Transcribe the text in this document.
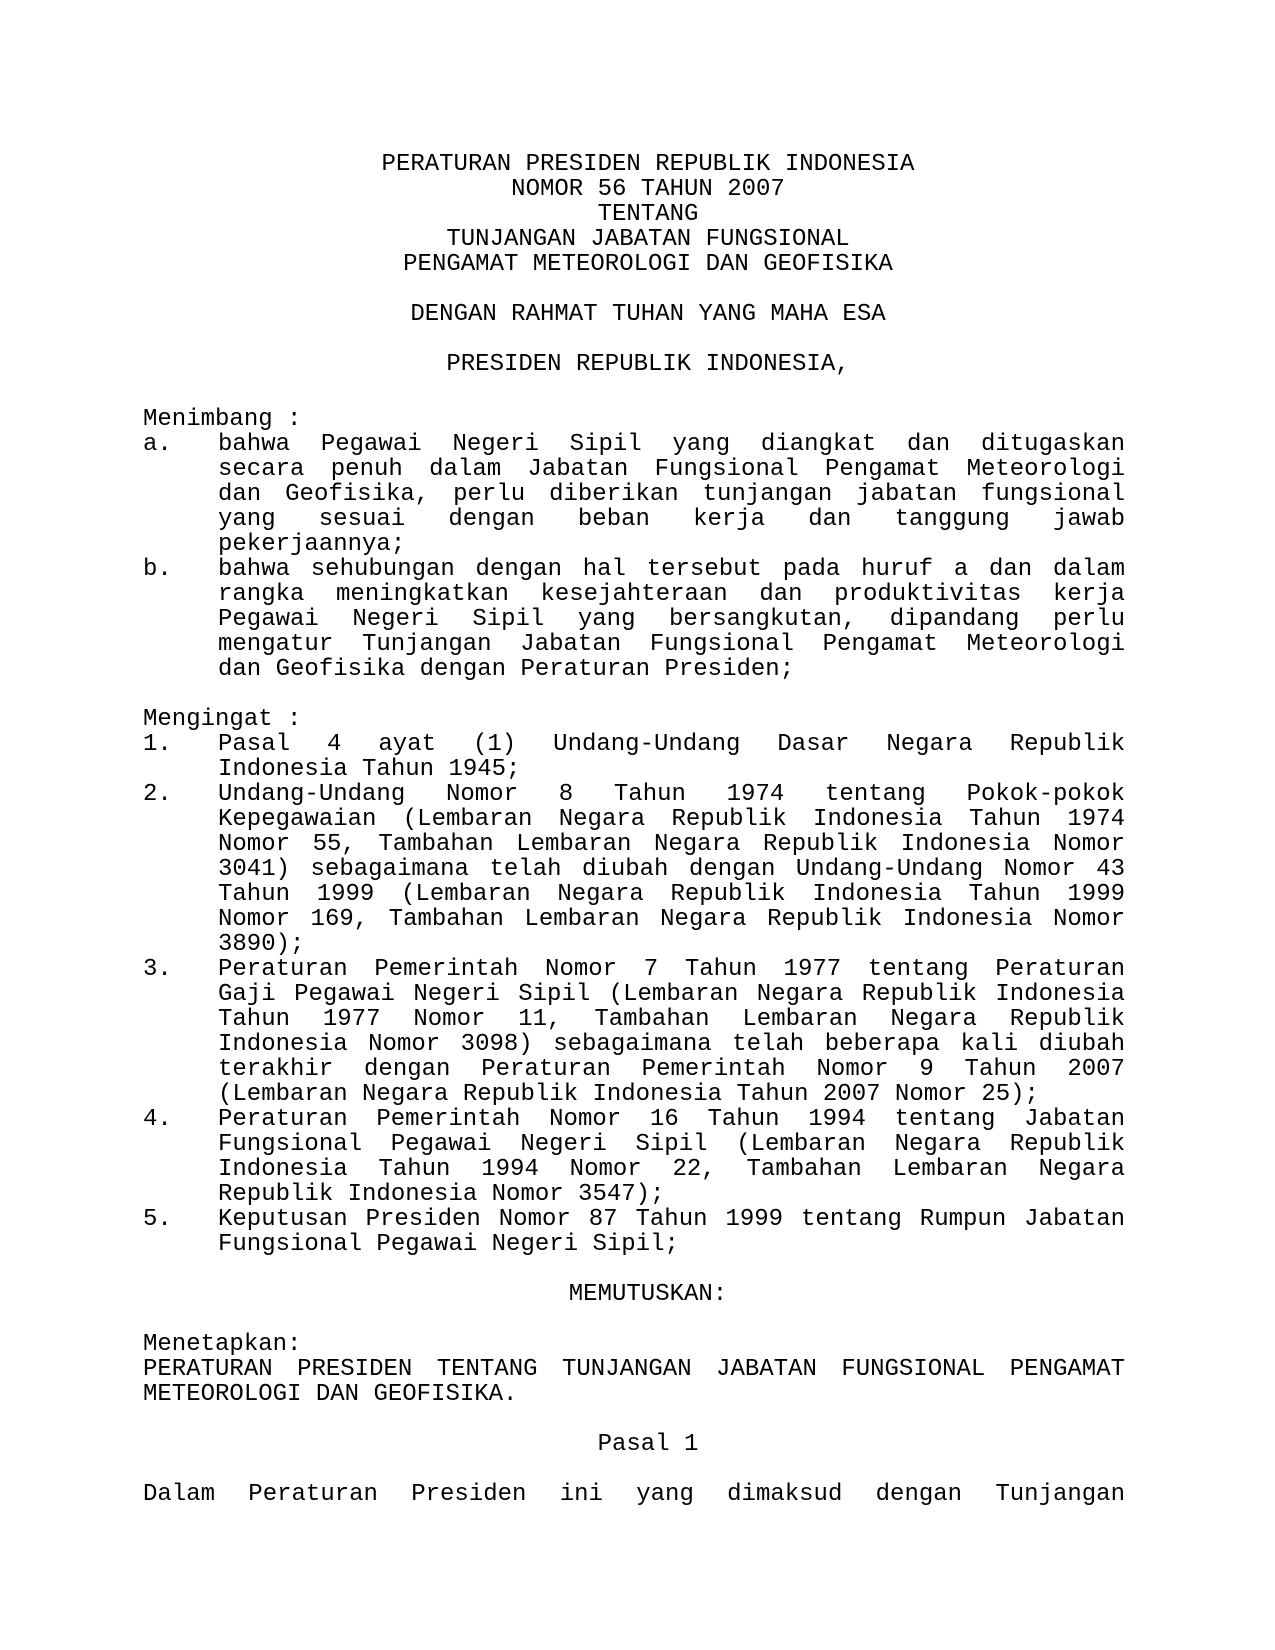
PERATURAN PRESIDEN REPUBLIK INDONESIA
NOMOR 56 TAHUN 2007
TENTANG
TUNJANGAN JABATAN FUNGSIONAL
PENGAMAT METEOROLOGI DAN GEOFISIKA
DENGAN RAHMAT TUHAN YANG MAHA ESA
PRESIDEN REPUBLIK INDONESIA,
Menimbang :
a.	bahwa Pegawai Negeri Sipil yang diangkat dan ditugaskan
secara penuh dalam Jabatan Fungsional Pengamat Meteorologi
dan Geofisika, perlu diberikan tunjangan jabatan fungsional
yang sesuai dengan beban kerja dan tanggung jawab
pekerjaannya;
b.	bahwa sehubungan dengan hal tersebut pada huruf a dan dalam
rangka meningkatkan kesejahteraan dan produktivitas kerja
Pegawai Negeri Sipil yang bersangkutan, dipandang perlu
mengatur Tunjangan Jabatan Fungsional Pengamat Meteorologi
dan Geofisika dengan Peraturan Presiden;
Mengingat :
1.	Pasal 4 ayat (1) Undang-Undang Dasar Negara Republik
Indonesia Tahun 1945;
2.	Undang-Undang Nomor 8 Tahun 1974 tentang Pokok-pokok
Kepegawaian (Lembaran Negara Republik Indonesia Tahun 1974
Nomor 55, Tambahan Lembaran Negara Republik Indonesia Nomor
3041) sebagaimana telah diubah dengan Undang-Undang Nomor 43
Tahun 1999 (Lembaran Negara Republik Indonesia Tahun 1999
Nomor 169, Tambahan Lembaran Negara Republik Indonesia Nomor
3890);
3.	Peraturan Pemerintah Nomor 7 Tahun 1977 tentang Peraturan
Gaji Pegawai Negeri Sipil (Lembaran Negara Republik Indonesia
Tahun 1977 Nomor 11, Tambahan Lembaran Negara Republik
Indonesia Nomor 3098) sebagaimana telah beberapa kali diubah
terakhir dengan Peraturan Pemerintah Nomor 9 Tahun 2007
(Lembaran Negara Republik Indonesia Tahun 2007 Nomor 25);
4.	Peraturan Pemerintah Nomor 16 Tahun 1994 tentang Jabatan
Fungsional Pegawai Negeri Sipil (Lembaran Negara Republik
Indonesia Tahun 1994 Nomor 22, Tambahan Lembaran Negara
Republik Indonesia Nomor 3547);
5.	Keputusan Presiden Nomor 87 Tahun 1999 tentang Rumpun Jabatan
Fungsional Pegawai Negeri Sipil;
MEMUTUSKAN:
Menetapkan:
PERATURAN PRESIDEN TENTANG TUNJANGAN JABATAN FUNGSIONAL PENGAMAT
METEOROLOGI DAN GEOFISIKA.
Pasal 1
Dalam Peraturan Presiden ini yang dimaksud dengan Tunjangan
